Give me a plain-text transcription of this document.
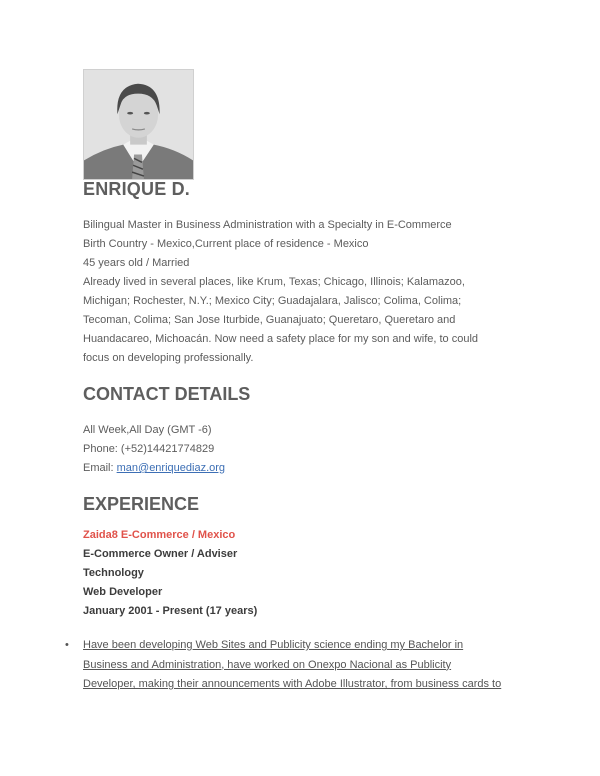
ENRIQUE D.
Bilingual Master in Business Administration with a Specialty in E-Commerce
Birth Country - Mexico,Current place of residence - Mexico
45 years old / Married
Already lived in several places, like Krum, Texas; Chicago, Illinois; Kalamazoo,
Michigan; Rochester, N.Y.; Mexico City; Guadajalara, Jalisco; Colima, Colima;
Tecoman, Colima; San Jose Iturbide, Guanajuato; Queretaro, Queretaro and
Huandacareo, Michoacán. Now need a safety place for my son and wife, to could
focus on developing professionally.
CONTACT DETAILS
All Week,All Day (GMT -6)
Phone: (+52)14421774829
Email: man@enriquediaz.org
EXPERIENCE
Zaida8 E-Commerce / Mexico
E-Commerce Owner / Adviser
Technology
Web Developer
January 2001 - Present (17 years)
• Have been developing Web Sites and Publicity science ending my Bachelor in
Business and Administration, have worked on Onexpo Nacional as Publicity
Developer, making their announcements with Adobe Illustrator, from business cards to
